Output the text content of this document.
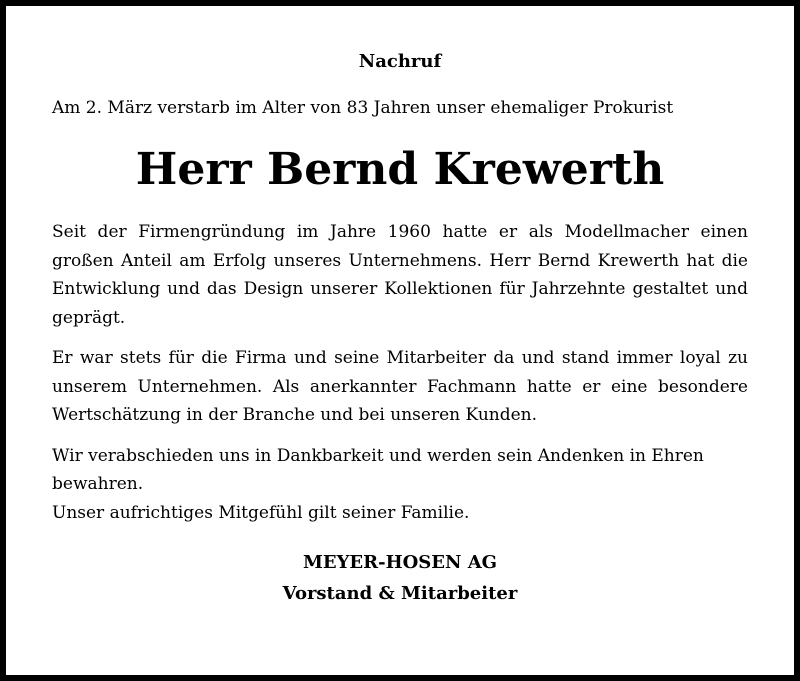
Nachruf

Am 2. März verstarb im Alter von 83 Jahren unser ehemaliger Prokurist

Herr Bernd Krewerth

Seit der Firmengründung im Jahre 1960 hatte er als Modellmacher einen großen Anteil am Erfolg unseres Unternehmens. Herr Bernd Krewerth hat die Entwicklung und das Design unserer Kollektionen für Jahrzehnte gestaltet und geprägt.

Er war stets für die Firma und seine Mitarbeiter da und stand immer loyal zu unserem Unternehmen. Als anerkannter Fachmann hatte er eine besondere Wertschätzung in der Branche und bei unseren Kunden.

Wir verabschieden uns in Dankbarkeit und werden sein Andenken in Ehren bewahren.

Unser aufrichtiges Mitgefühl gilt seiner Familie.

MEYER-HOSEN AG
Vorstand & Mitarbeiter
